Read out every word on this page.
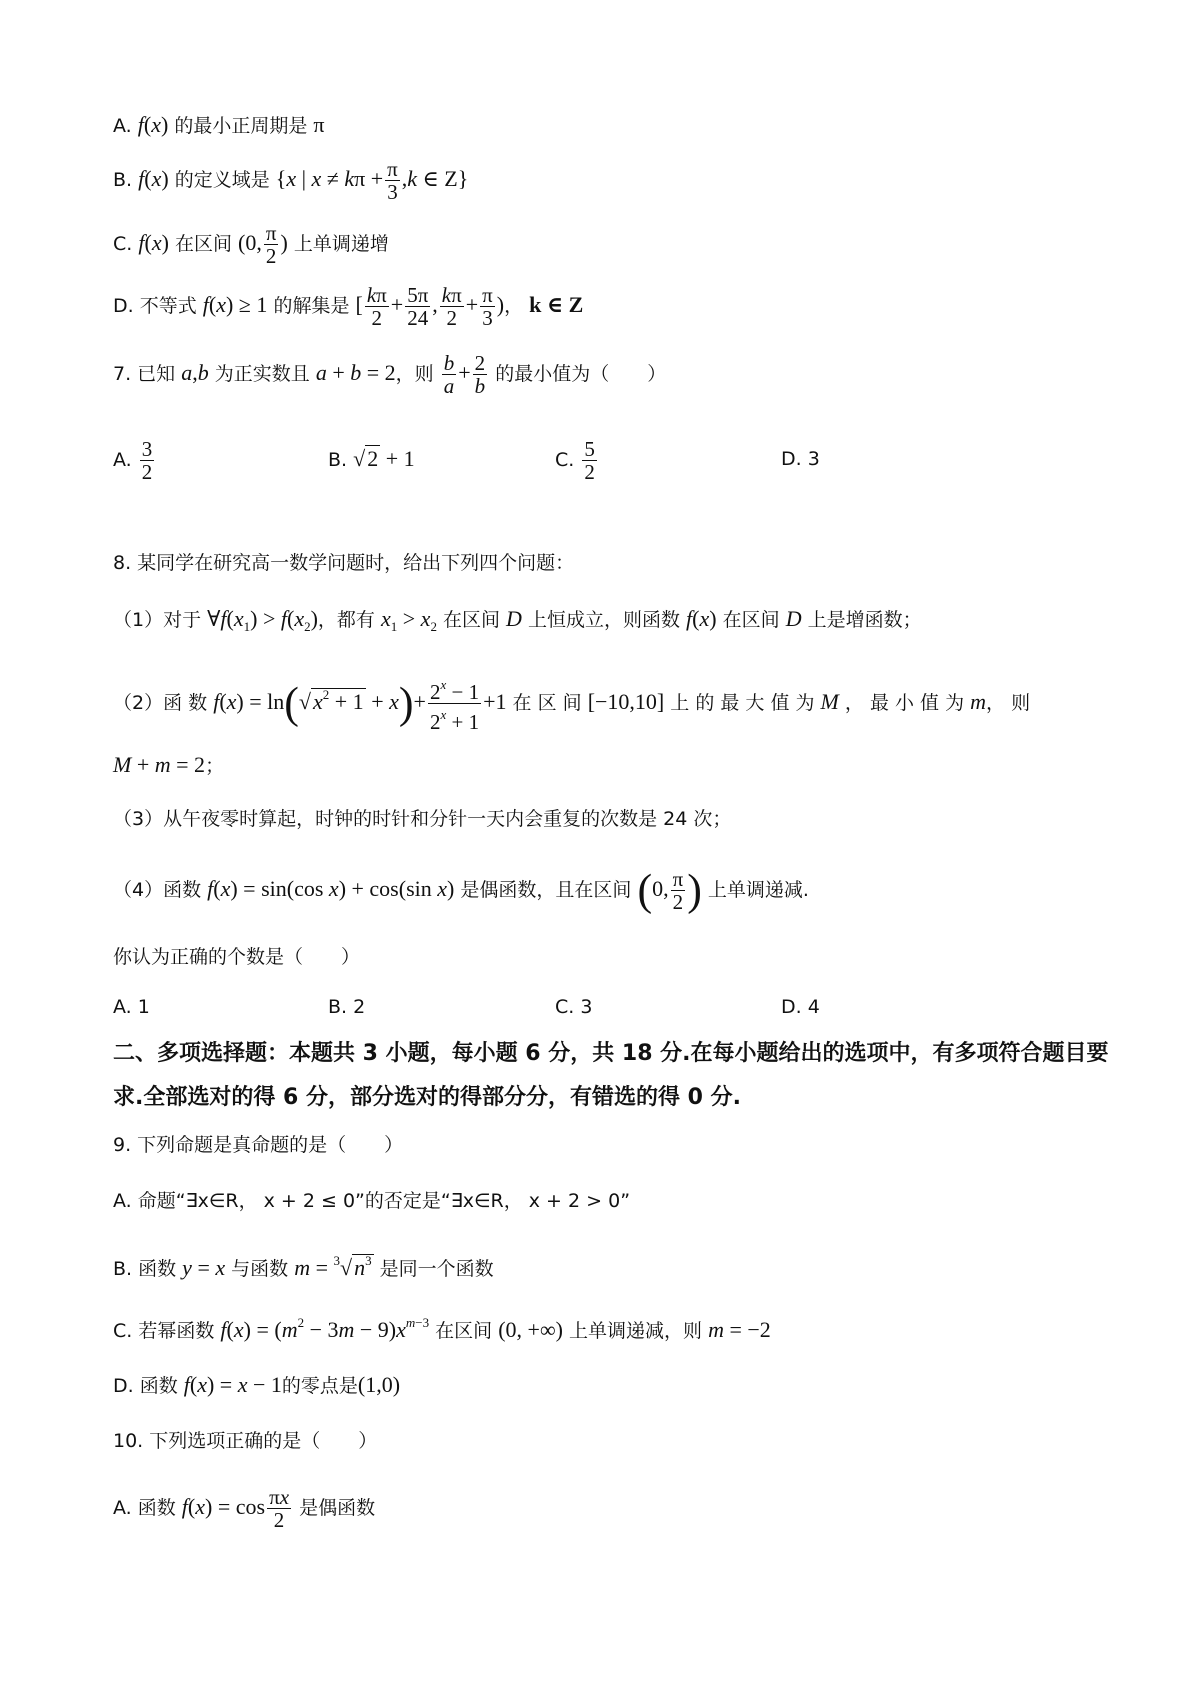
A. f(x) 的最小正周期是 π
B. f(x) 的定义域是 {x | $x \ne k\pi + \frac{\pi}{3} ,k$ ∈ Z}
C. f(x) 在区间 (0, $\frac{\pi}{2}$ ) 上单调递增
D. 不等式 f(x) ≥ 1 的解集是 [ $\frac{k\pi}{2} + \frac{5\pi}{24}$ , $\frac{k\pi}{2} + \frac{\pi}{3}$ )， k ∈ Z
7. 已知 a,b 为正实数且 a + b = 2，则 $\frac{b}{a} + \frac{2}{b}$ 的最小值为（　　）
A. $\frac{3}{2}$	B. √2 + 1	C. $\frac{5}{2}$	D. 3
8. 某同学在研究高一数学问题时，给出下列四个问题：
（1）对于 $\forall f(x_1) > f(x_2)$，都有 $x_1 > x_2$ 在区间 D 上恒成立，则函数 f(x) 在区间 D 上是增函数；
（2）函 数 $f(x) = \ln(√x^2 + 1 + x)+ \frac{2^x - 1}{2^x + 1} +1$ 在 区 间 [−10,10] 上 的 最 大 值 为 M ， 最 小 值 为 m， 则
M + m = 2；
（3）从午夜零时算起，时钟的时针和分针一天内会重复的次数是 24 次；
（4）函数 f(x) = sin(cos x) + cos(sin x) 是偶函数，且在区间 (0, $\frac{\pi}{2}$ ) 上单调递减.
你认为正确的个数是（　　）
A. 1	B. 2	C. 3	D. 4
二、多项选择题：本题共 3 小题，每小题 6 分，共 18 分.在每小题给出的选项中，有多项符合题目要求.全部选对的得 6 分，部分选对的得部分分，有错选的得 0 分.
9. 下列命题是真命题的是（　　）
A. 命题“∃x∈R， x + 2 ≤ 0”的否定是“∃x∈R， x + 2 > 0”
B. 函数 y = x 与函数 $m = ^3√n^3$ 是同一个函数
C. 若幂函数 $f(x) = (m^2 - 3m - 9)x^{m-3}$ 在区间 (0, +∞) 上单调递减，则 m = −2
D. 函数 f(x) = x − 1的零点是(1,0)
10. 下列选项正确的是（　　）
A. 函数 $f(x) = \cos \frac{\pi x}{2}$ 是偶函数
